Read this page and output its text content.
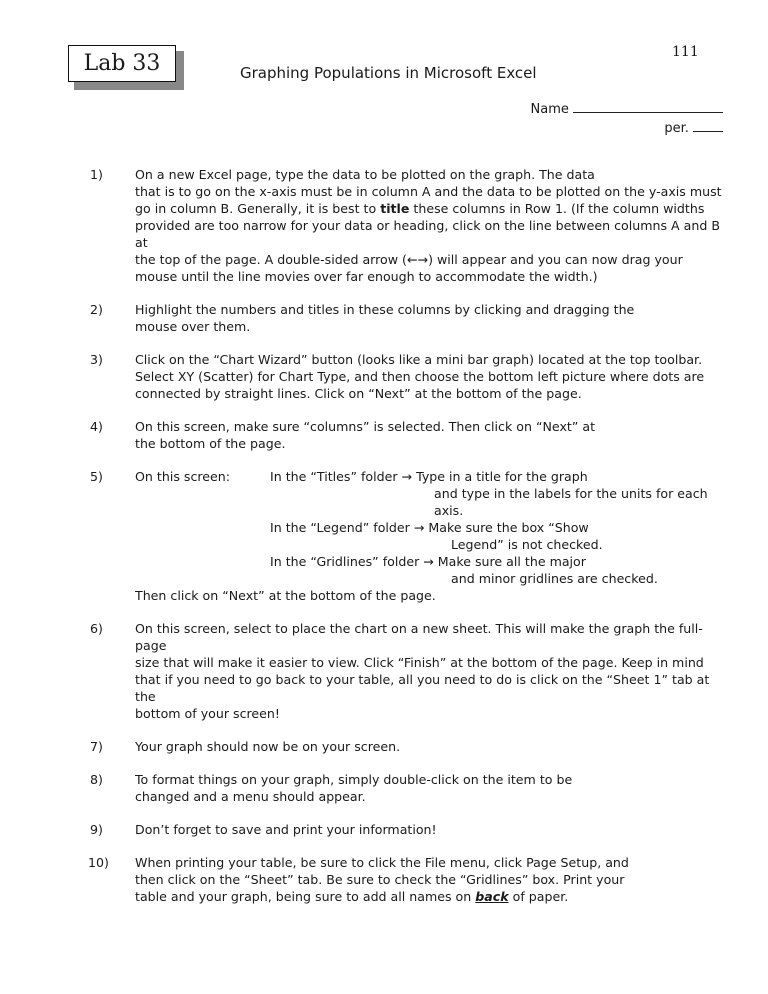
111
Lab 33	Graphing Populations in Microsoft Excel
Name
per.
1)	On a new Excel page, type the data to be plotted on the graph. The data
that is to go on the x-axis must be in column A and the data to be plotted on the y-axis must
go in column B. Generally, it is best to title these columns in Row 1. (If the column widths
provided are too narrow for your data or heading, click on the line between columns A and B at
the top of the page. A double-sided arrow (←→) will appear and you can now drag your
mouse until the line movies over far enough to accommodate the width.)
2)	Highlight the numbers and titles in these columns by clicking and dragging the
mouse over them.
3)	Click on the “Chart Wizard” button (looks like a mini bar graph) located at the top toolbar.
Select XY (Scatter) for Chart Type, and then choose the bottom left picture where dots are
connected by straight lines. Click on “Next” at the bottom of the page.
4)	On this screen, make sure “columns” is selected. Then click on “Next” at
the bottom of the page.
5)	On this screen:	In the “Titles” folder → Type in a title for the graph
and type in the labels for the units for each
axis.
In the “Legend” folder → Make sure the box “Show
Legend” is not checked.
In the “Gridlines” folder → Make sure all the major
and minor gridlines are checked.
Then click on “Next” at the bottom of the page.
6)	On this screen, select to place the chart on a new sheet. This will make the graph the full-page
size that will make it easier to view. Click “Finish” at the bottom of the page. Keep in mind
that if you need to go back to your table, all you need to do is click on the “Sheet 1” tab at the
bottom of your screen!
7)	Your graph should now be on your screen.
8)	To format things on your graph, simply double-click on the item to be
changed and a menu should appear.
9)	Don’t forget to save and print your information!
10) When printing your table, be sure to click the File menu, click Page Setup, and
then click on the “Sheet” tab. Be sure to check the “Gridlines” box. Print your
table and your graph, being sure to add all names on back of paper.
